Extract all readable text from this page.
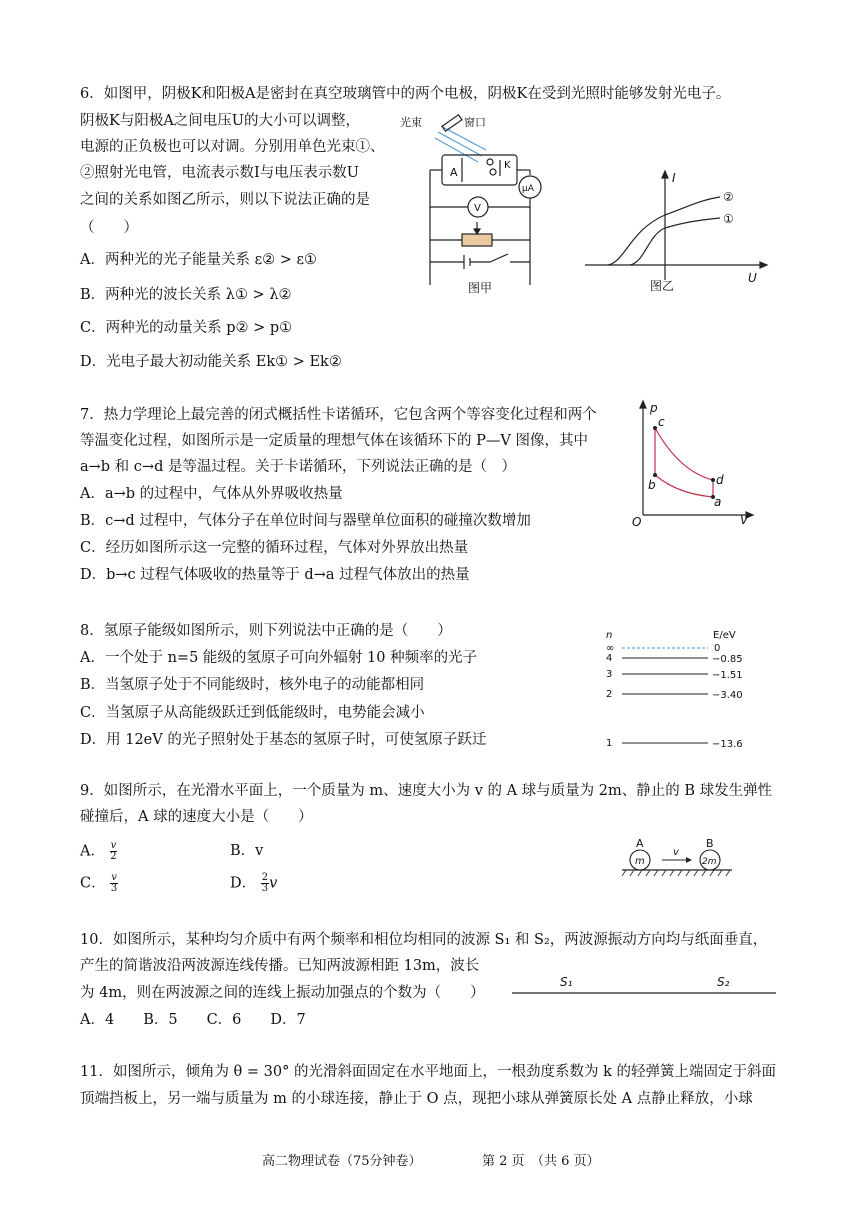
6．如图甲，阴极K和阳极A是密封在真空玻璃管中的两个电极，阴极K在受到光照时能够发射光电子。
阴极K与阳极A之间电压U的大小可以调整，
电源的正负极也可以对调。分别用单色光束①、
②照射光电管，电流表示数I与电压表示数U
之间的关系如图乙所示，则以下说法正确的是
（　　）
A．两种光的光子能量关系 ε② > ε①
B．两种光的波长关系 λ① > λ②
C．两种光的动量关系 p② > p①
D．光电子最大初动能关系 Ek① > Ek②
光束	窗口
K
A
μA
V
图甲
I
U
②
①
图乙
7．热力学理论上最完善的闭式概括性卡诺循环，它包含两个等容变化过程和两个
等温变化过程，如图所示是一定质量的理想气体在该循环下的 P—V 图像，其中
a→b 和 c→d 是等温过程。关于卡诺循环，下列说法正确的是（　）
A．a→b 的过程中，气体从外界吸收热量
B．c→d 过程中，气体分子在单位时间与器壁单位面积的碰撞次数增加
C．经历如图所示这一完整的循环过程，气体对外界放出热量
D．b→c 过程气体吸收的热量等于 d→a 过程气体放出的热量
p
V
O
c
b	d
a
8．氢原子能级如图所示，则下列说法中正确的是（　　）
A．一个处于 n=5 能级的氢原子可向外辐射 10 种频率的光子
B．当氢原子处于不同能级时，核外电子的动能都相同
C．当氢原子从高能级跃迁到低能级时，电势能会减小
D．用 12eV 的光子照射处于基态的氢原子时，可使氢原子跃迁
n	E/eV
∞	0
4	−0.85
3	−1.51
2	−3.40
1	−13.6
9．如图所示，在光滑水平面上，一个质量为 m、速度大小为 v 的 A 球与质量为 2m、静止的 B 球发生弹性
碰撞后，A 球的速度大小是（　　）
A． $\frac{v}{2}$	B．v
C． $\frac{v}{3}$	D． $\frac{2}{3}$ v
A	B
m	2m
v
10．如图所示，某种均匀介质中有两个频率和相位均相同的波源 S₁ 和 S₂，两波源振动方向均与纸面垂直，
产生的简谐波沿两波源连线传播。已知两波源相距 13m，波长
为 4m，则在两波源之间的连线上振动加强点的个数为（　　）
A．4　　B．5　　C．6　　D．7
S₁	S₂
11．如图所示，倾角为 θ = 30° 的光滑斜面固定在水平地面上，一根劲度系数为 k 的轻弹簧上端固定于斜面
顶端挡板上，另一端与质量为 m 的小球连接，静止于 O 点，现把小球从弹簧原长处 A 点静止释放，小球
高二物理试卷（75分钟卷）	第 2 页　（共 6 页）
